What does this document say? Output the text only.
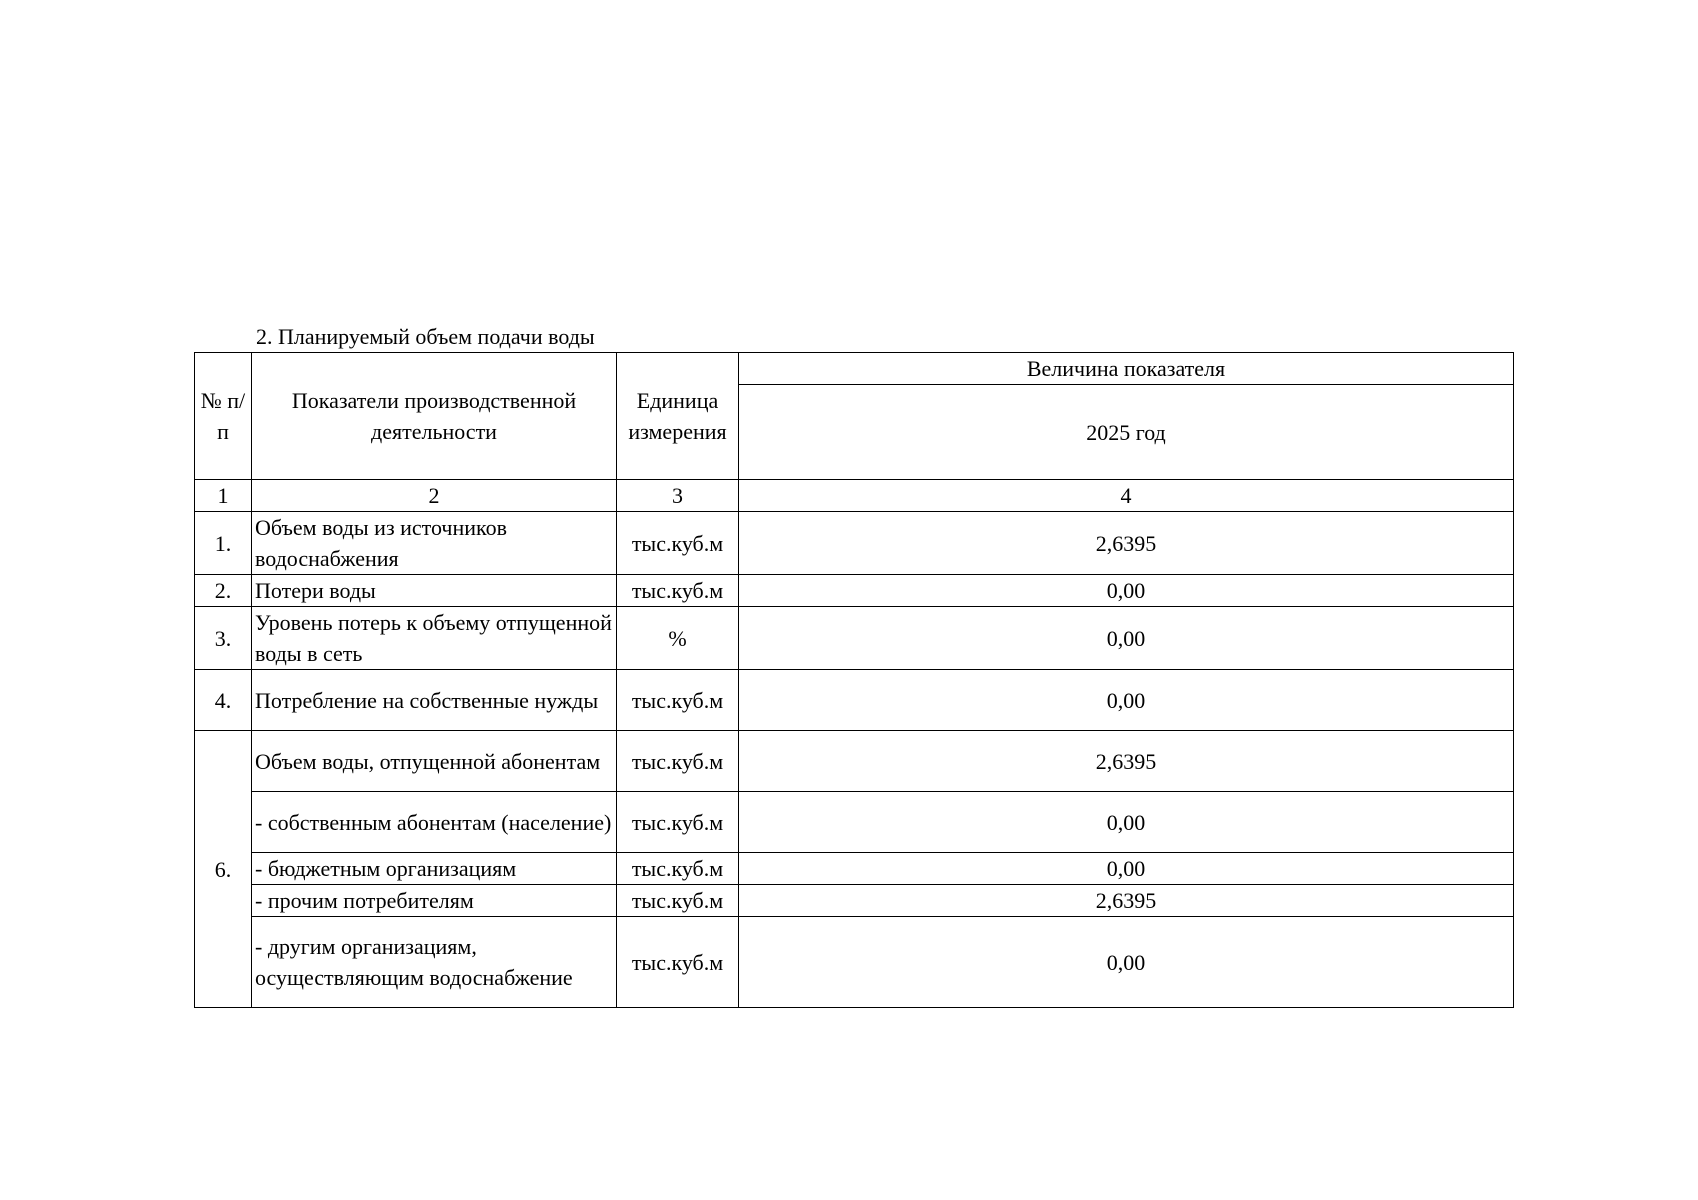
2. Планируемый объем подачи воды
№ п/п	Показатели производственной деятельности	Единица измерения	Величина показателя
			2025 год
1	2	3	4
1.	Объем воды из источников водоснабжения	тыс.куб.м	2,6395
2.	Потери воды	тыс.куб.м	0,00
3.	Уровень потерь к объему отпущенной воды в сеть	%	0,00
4.	Потребление на собственные нужды	тыс.куб.м	0,00
6.	Объем воды, отпущенной абонентам	тыс.куб.м	2,6395
	- собственным абонентам (население)	тыс.куб.м	0,00
	- бюджетным организациям	тыс.куб.м	0,00
	- прочим потребителям	тыс.куб.м	2,6395
	- другим организациям, осуществляющим водоснабжение	тыс.куб.м	0,00
